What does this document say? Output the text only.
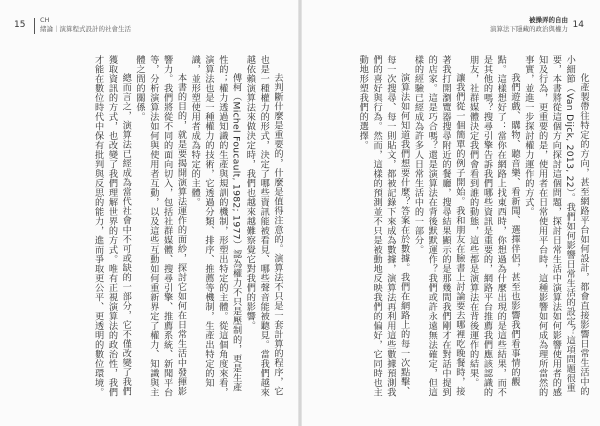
15 CH
緒論｜演算程式設計的社會生活

去判斷什麼是重要的，什麼是值得注意的。演算法不只是一套計算的程序，它也是一種權力的形式，決定了哪些資訊能被看見、哪些聲音能被聽見。當我們越來越依賴演算法來做決定時，我們也越來越難察覺它對我們的影響。

傅柯（Michel Foucault, 1982; 1977）認為權力不只是壓制的，更是生產性的；權力透過知識的生產與規訓的機制，形塑出特定的主體。從這個角度來看，演算法也是一種權力的技術，它透過分類、排序、推薦等機制，生產出特定的知識，並形塑使用者成為特定的主體。

本書的目的，就是要揭開演算法運作的面紗，探討它如何在日常生活中發揮影響力。我們將從不同的面向切入，包括社群媒體、搜尋引擎、推薦系統、新聞平台等，分析演算法如何與使用者互動，以及這些互動如何重新界定了權力、知識與主體之間的關係。

總而言之，演算法已經成為當代社會中不可或缺的一部分，它不僅改變了我們獲取資訊的方式，也改變了我們理解世界的方式。唯有正視演算法的政治性，我們才能在數位時代中保有批判與反思的能力，進而爭取更公平、更透明的數位環境。

14
被操弄的自由
演算法下隱藏的政治與權力

化產製帶往特定的方向，甚至網路平台如何設計，都會直接影響日常生活中的小細節（Van Dijck, 2013, 22）。我們如何影響日常生活的設定？這項問題很重要，本書將從這個方向探討這個問題，探討日常生活中演算法如何影響使用者的感知及行為，更重要的是，使用者在日常使用平台時，這種影響如何成為理所當然的事實，並進一步探討權力運作的方式。

我們遊戲、購物、聽音樂、看新聞、選擇伴侶，甚至也影響我們看事情的觀點。這樣想好了：當你在網路上找東西時，你想過為什麼出現的是這些結果，而不是其他的嗎？搜尋引擎告訴我們哪些資訊是重要的，網路平台推薦我們應該認識的朋友，社群媒體決定我們會看到誰的動態，這些都是演算法在背後運作的結果。

讓我們從一個簡單的例子開始。我和朋友在臉書上討論要去哪裡吃晚餐時，接著我打開瀏覽器搜尋附近的餐廳，搜尋結果顯示的是那幾間我們剛才在對話中提到的店家。這是巧合嗎？還是演算法在背後默默運作？我們或許永遠無法確定，但這樣的經驗已經成為許多人日常生活中的一部分。

演算法如何知道我們想要什麼？答案在於數據。我們在網路上的每一次點擊、每一次搜尋、每一則貼文，都被記錄下來成為數據，演算法再利用這些數據預測我們的喜好與行為。然而，這樣的預測並不只是被動地反映我們的偏好，它同時也主動地形塑我們的選擇。
